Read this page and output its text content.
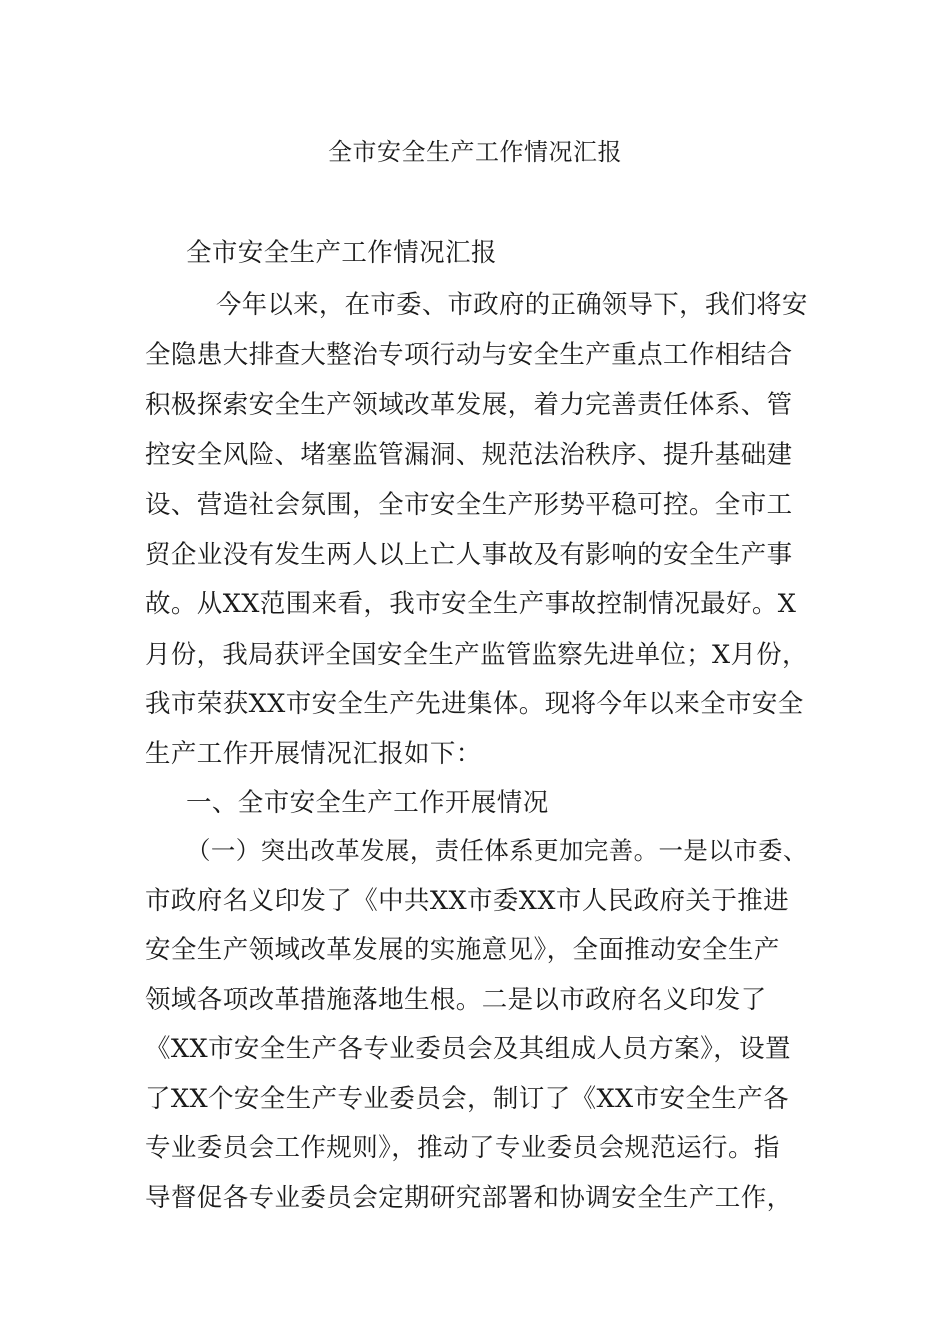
全市安全生产工作情况汇报
全市安全生产工作情况汇报
今年以来，在市委、市政府的正确领导下，我们将安
全隐患大排查大整治专项行动与安全生产重点工作相结合
积极探索安全生产领域改革发展，着力完善责任体系、管
控安全风险、堵塞监管漏洞、规范法治秩序、提升基础建
设、营造社会氛围，全市安全生产形势平稳可控。全市工
贸企业没有发生两人以上亡人事故及有影响的安全生产事
故。从XX范围来看，我市安全生产事故控制情况最好。X
月份，我局获评全国安全生产监管监察先进单位；X月份，
我市荣获XX市安全生产先进集体。现将今年以来全市安全
生产工作开展情况汇报如下：
一、全市安全生产工作开展情况
（一）突出改革发展，责任体系更加完善。一是以市委、
市政府名义印发了《中共XX市委XX市人民政府关于推进
安全生产领域改革发展的实施意见》，全面推动安全生产
领域各项改革措施落地生根。二是以市政府名义印发了
《XX市安全生产各专业委员会及其组成人员方案》，设置
了XX个安全生产专业委员会，制订了《XX市安全生产各
专业委员会工作规则》，推动了专业委员会规范运行。指
导督促各专业委员会定期研究部署和协调安全生产工作，
